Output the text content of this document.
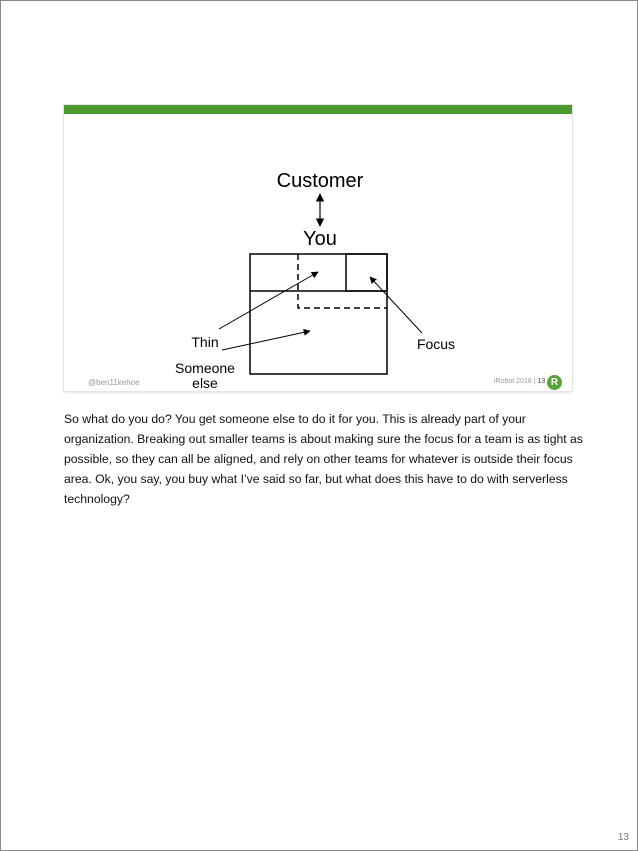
Customer
You
Thin
Someone
else
Focus
@ben11kehoe	iRobot 2018 | 13 R
So what do you do? You get someone else to do it for you. This is already part of your organization. Breaking out smaller teams is about making sure the focus for a team is as tight as possible, so they can all be aligned, and rely on other teams for whatever is outside their focus area. Ok, you say, you buy what I’ve said so far, but what does this have to do with serverless technology?
13
